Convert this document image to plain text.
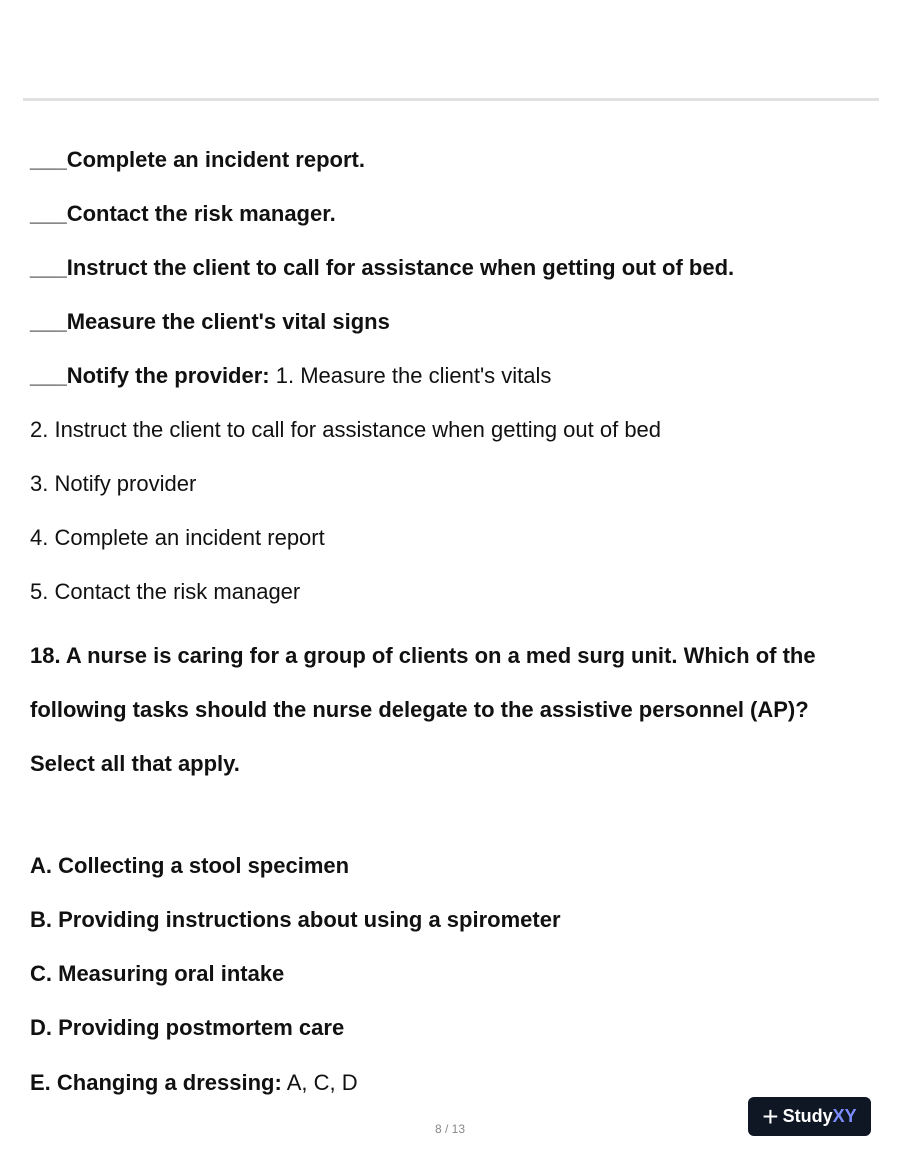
___Complete an incident report.
___Contact the risk manager.
___Instruct the client to call for assistance when getting out of bed.
___Measure the client's vital signs
___Notify the provider: 1. Measure the client's vitals
2. Instruct the client to call for assistance when getting out of bed
3. Notify provider
4. Complete an incident report
5. Contact the risk manager
18. A nurse is caring for a group of clients on a med surg unit. Which of the
following tasks should the nurse delegate to the assistive personnel (AP)?
Select all that apply.
A. Collecting a stool specimen
B. Providing instructions about using a spirometer
C. Measuring oral intake
D. Providing postmortem care
E. Changing a dressing: A, C, D
8 / 13	+ Study XY
